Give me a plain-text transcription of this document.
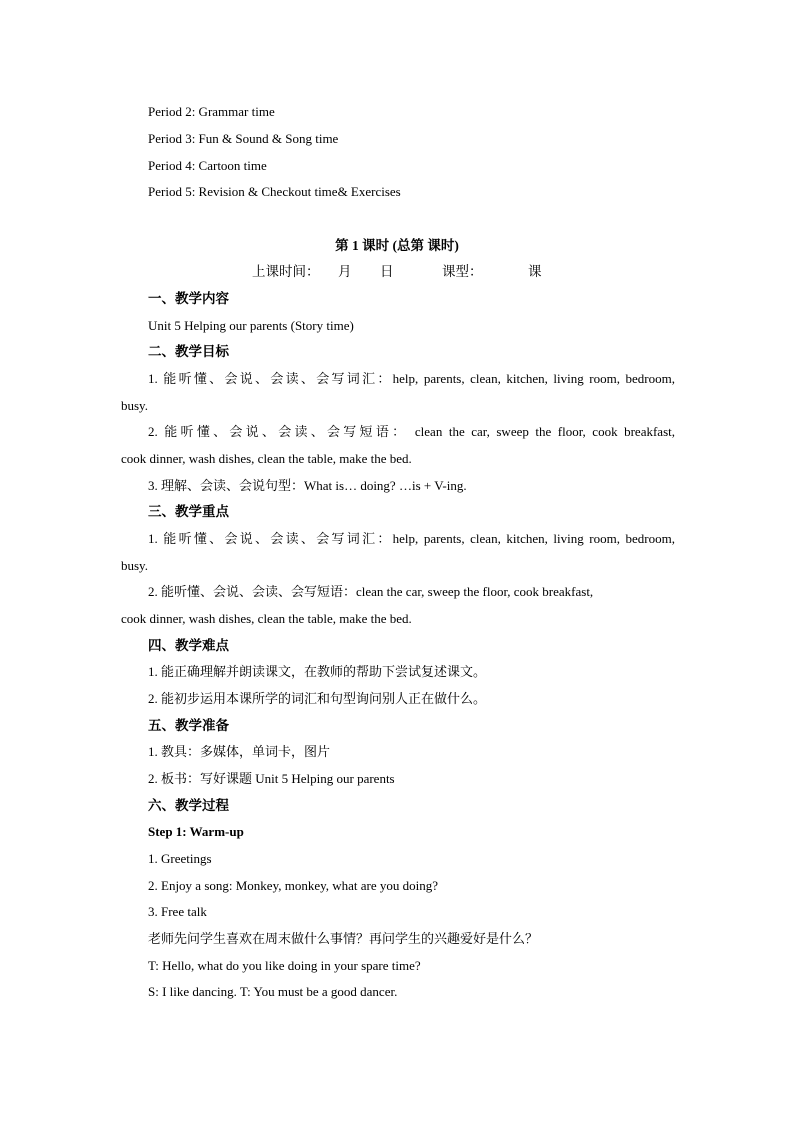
Period 2: Grammar time
Period 3: Fun & Sound & Song time
Period 4: Cartoon time
Period 5: Revision & Checkout time& Exercises
第 1 课时 (总第 课时)
上课时间： 月 日	课型：	课
一、教学内容
Unit 5 Helping our parents (Story time)
二、教学目标
1. 能听懂、会说、会读、会写词汇：help, parents, clean, kitchen, living room, bedroom,
busy.
2. 能听懂、会说、会读、会写短语： clean the car, sweep the floor, cook breakfast,
cook dinner, wash dishes, clean the table, make the bed.
3. 理解、会读、会说句型：What is… doing? …is + V-ing.
三、教学重点
1. 能听懂、会说、会读、会写词汇：help, parents, clean, kitchen, living room, bedroom,
busy.
2. 能听懂、会说、会读、会写短语：clean the car, sweep the floor, cook breakfast,
cook dinner, wash dishes, clean the table, make the bed.
四、教学难点
1. 能正确理解并朗读课文，在教师的帮助下尝试复述课文。
2. 能初步运用本课所学的词汇和句型询问别人正在做什么。
五、教学准备
1. 教具：多媒体，单词卡，图片
2. 板书：写好课题 Unit 5 Helping our parents
六、教学过程
Step 1: Warm-up
1. Greetings
2. Enjoy a song: Monkey, monkey, what are you doing?
3. Free talk
老师先问学生喜欢在周末做什么事情？再问学生的兴趣爱好是什么？
T: Hello, what do you like doing in your spare time?
S: I like dancing. T: You must be a good dancer.
